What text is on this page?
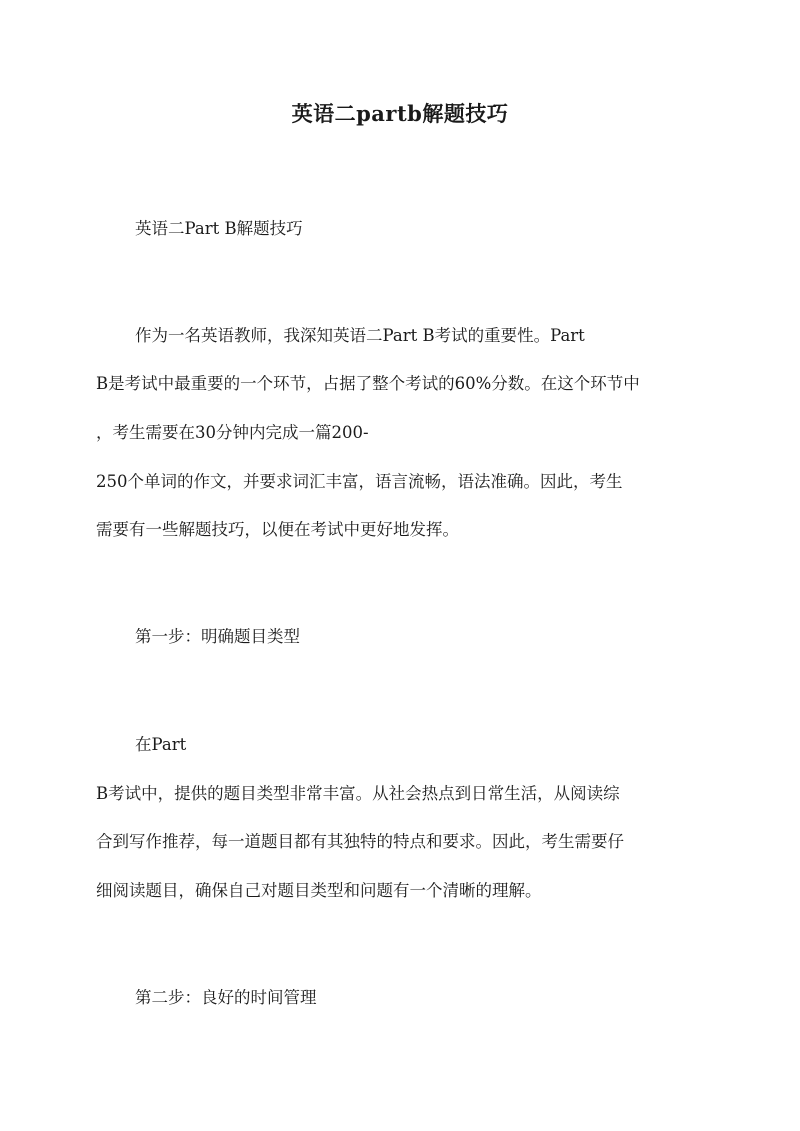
英语二partb解题技巧
英语二Part B解题技巧
作为一名英语教师，我深知英语二Part B考试的重要性。Part
B是考试中最重要的一个环节，占据了整个考试的60%分数。在这个环节中
，考生需要在30分钟内完成一篇200-
250个单词的作文，并要求词汇丰富，语言流畅，语法准确。因此，考生
需要有一些解题技巧，以便在考试中更好地发挥。
第一步：明确题目类型
在Part
B考试中，提供的题目类型非常丰富。从社会热点到日常生活，从阅读综
合到写作推荐，每一道题目都有其独特的特点和要求。因此，考生需要仔
细阅读题目，确保自己对题目类型和问题有一个清晰的理解。
第二步：良好的时间管理
